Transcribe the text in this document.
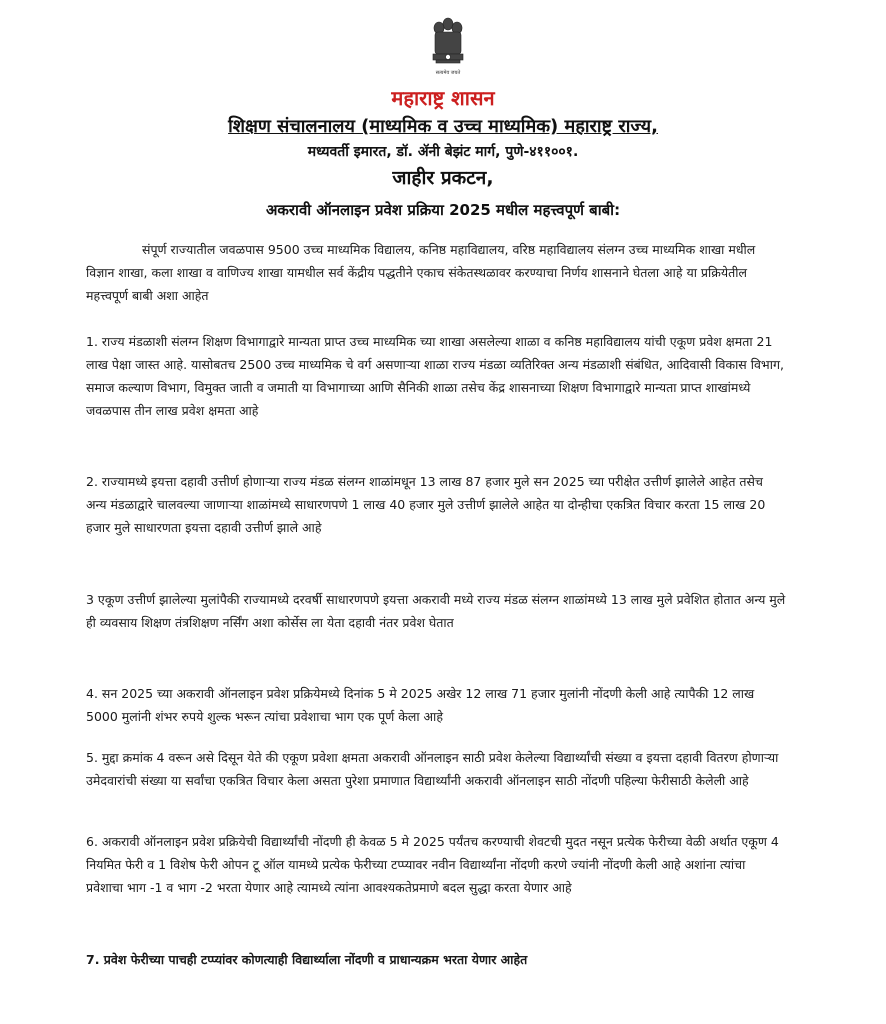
सत्यमेव जयते

महाराष्ट्र शासन

शिक्षण संचालनालय (माध्यमिक व उच्च माध्यमिक) महाराष्ट्र राज्य,

मध्यवर्ती इमारत, डॉ. ॲनी बेझंट मार्ग, पुणे-४११००१.

जाहीर प्रकटन,

अकरावी ऑनलाइन प्रवेश प्रक्रिया 2025 मधील महत्त्वपूर्ण बाबी:

संपूर्ण राज्यातील जवळपास 9500 उच्च माध्यमिक विद्यालय, कनिष्ठ महाविद्यालय, वरिष्ठ महाविद्यालय संलग्न उच्च माध्यमिक शाखा मधील विज्ञान शाखा, कला शाखा व वाणिज्य शाखा यामधील सर्व केंद्रीय पद्धतीने एकाच संकेतस्थळावर करण्याचा निर्णय शासनाने घेतला आहे या प्रक्रियेतील महत्त्वपूर्ण बाबी अशा आहेत

1. राज्य मंडळाशी संलग्न शिक्षण विभागाद्वारे मान्यता प्राप्त उच्च माध्यमिक च्या शाखा असलेल्या शाळा व कनिष्ठ महाविद्यालय यांची एकूण प्रवेश क्षमता 21 लाख पेक्षा जास्त आहे. यासोबतच 2500 उच्च माध्यमिक चे वर्ग असणाऱ्या शाळा राज्य मंडळा व्यतिरिक्त अन्य मंडळाशी संबंधित, आदिवासी विकास विभाग, समाज कल्याण विभाग, विमुक्त जाती व जमाती या विभागाच्या आणि सैनिकी शाळा तसेच केंद्र शासनाच्या शिक्षण विभागाद्वारे मान्यता प्राप्त शाखांमध्ये जवळपास तीन लाख प्रवेश क्षमता आहे

2. राज्यामध्ये इयत्ता दहावी उत्तीर्ण होणाऱ्या राज्य मंडळ संलग्न शाळांमधून 13 लाख 87 हजार मुले सन 2025 च्या परीक्षेत उत्तीर्ण झालेले आहेत तसेच अन्य मंडळाद्वारे चालवल्या जाणाऱ्या शाळांमध्ये साधारणपणे 1 लाख 40 हजार मुले उत्तीर्ण झालेले आहेत या दोन्हीचा एकत्रित विचार करता 15 लाख 20 हजार मुले साधारणता इयत्ता दहावी उत्तीर्ण झाले आहे

3 एकूण उत्तीर्ण झालेल्या मुलांपैकी राज्यामध्ये दरवर्षी साधारणपणे इयत्ता अकरावी मध्ये राज्य मंडळ संलग्न शाळांमध्ये 13 लाख मुले प्रवेशित होतात अन्य मुले ही व्यवसाय शिक्षण तंत्रशिक्षण नर्सिंग अशा कोर्सेस ला येता दहावी नंतर प्रवेश घेतात

4. सन 2025 च्या अकरावी ऑनलाइन प्रवेश प्रक्रियेमध्ये दिनांक 5 मे 2025 अखेर 12 लाख 71 हजार मुलांनी नोंदणी केली आहे त्यापैकी 12 लाख 5000 मुलांनी शंभर रुपये शुल्क भरून त्यांचा प्रवेशाचा भाग एक पूर्ण केला आहे

5. मुद्दा क्रमांक 4 वरून असे दिसून येते की एकूण प्रवेशा क्षमता अकरावी ऑनलाइन साठी प्रवेश केलेल्या विद्यार्थ्यांची संख्या व इयत्ता दहावी वितरण होणाऱ्या उमेदवारांची संख्या या सर्वांचा एकत्रित विचार केला असता पुरेशा प्रमाणात विद्यार्थ्यांनी अकरावी ऑनलाइन साठी नोंदणी पहिल्या फेरीसाठी केलेली आहे

6. अकरावी ऑनलाइन प्रवेश प्रक्रियेची विद्यार्थ्यांची नोंदणी ही केवळ 5 मे 2025 पर्यंतच करण्याची शेवटची मुदत नसून प्रत्येक फेरीच्या वेळी अर्थात एकूण 4 नियमित फेरी व 1 विशेष फेरी ओपन टू ऑल यामध्ये प्रत्येक फेरीच्या टप्प्यावर नवीन विद्यार्थ्यांना नोंदणी करणे ज्यांनी नोंदणी केली आहे अशांना त्यांचा प्रवेशाचा भाग -1 व भाग -2 भरता येणार आहे त्यामध्ये त्यांना आवश्यकतेप्रमाणे बदल सुद्धा करता येणार आहे

7. प्रवेश फेरीच्या पाचही टप्प्यांवर कोणत्याही विद्यार्थ्याला नोंदणी व प्राधान्यक्रम भरता येणार आहेत
